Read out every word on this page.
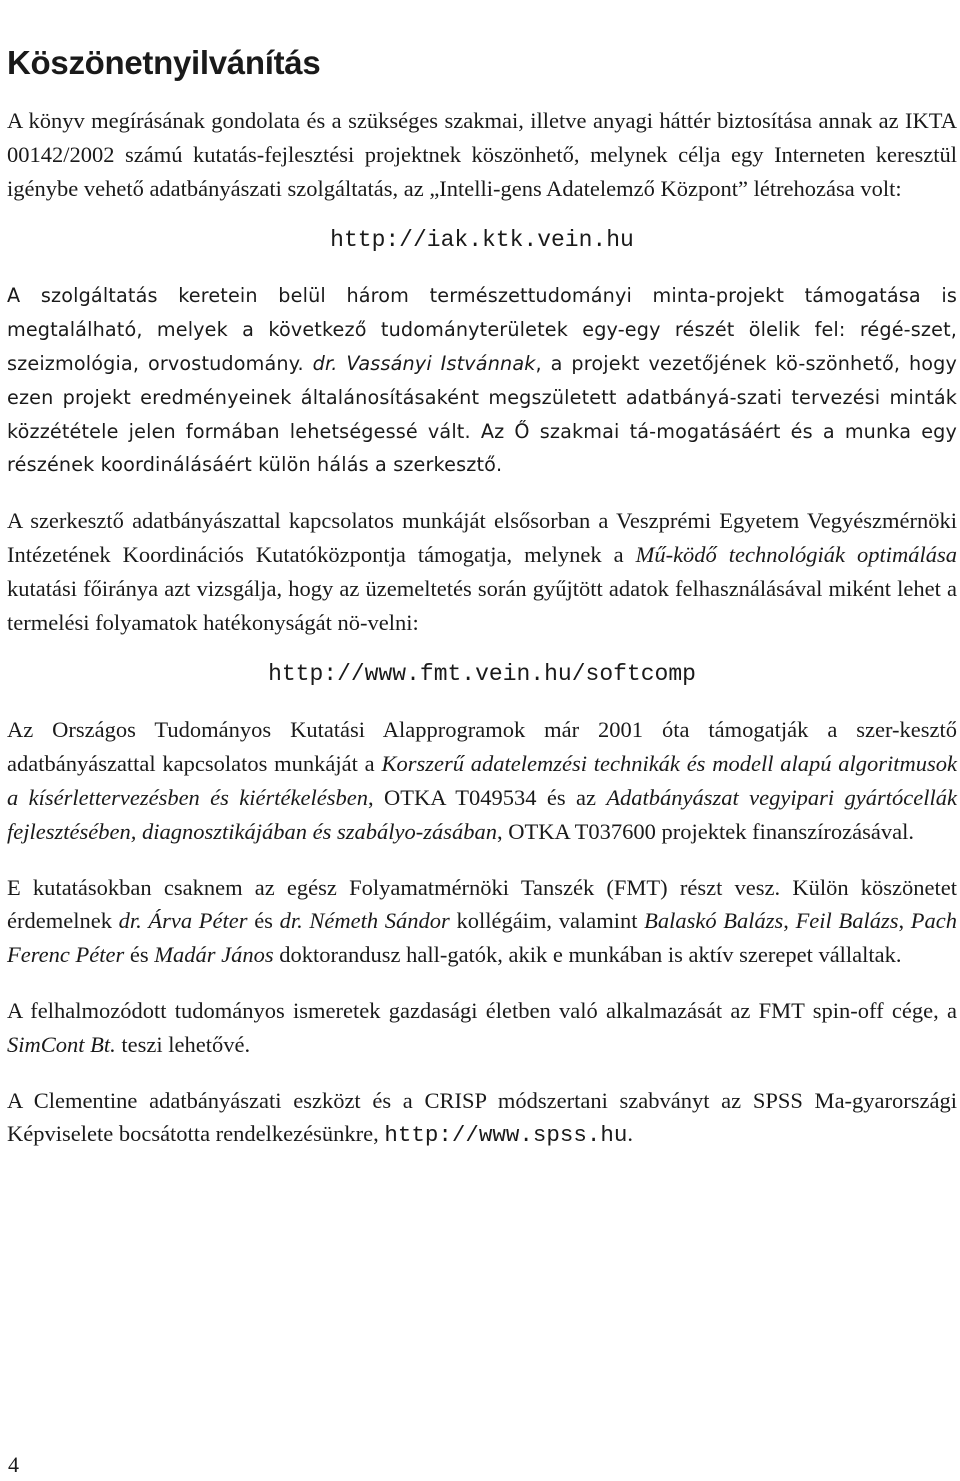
Köszönetnyilvánítás

A könyv megírásának gondolata és a szükséges szakmai, illetve anyagi háttér biztosítása annak az IKTA 00142/2002 számú kutatás-fejlesztési projektnek köszönhető, melynek célja egy Interneten keresztül igénybe vehető adatbányászati szolgáltatás, az „Intelli-gens Adatelemző Központ” létrehozása volt:

http://iak.ktk.vein.hu

A szolgáltatás keretein belül három természettudományi minta-projekt támogatása is megtalálható, melyek a következő tudományterületek egy-egy részét ölelik fel: régé-szet, szeizmológia, orvostudomány. dr. Vassányi Istvánnak, a projekt vezetőjének kö-szönhető, hogy ezen projekt eredményeinek általánosításaként megszületett adatbányá-szati tervezési minták közzététele jelen formában lehetségessé vált. Az Ő szakmai tá-mogatásáért és a munka egy részének koordinálásáért külön hálás a szerkesztő.

A szerkesztő adatbányászattal kapcsolatos munkáját elsősorban a Veszprémi Egyetem Vegyészmérnöki Intézetének Koordinációs Kutatóközpontja támogatja, melynek a Mű-ködő technológiák optimálása kutatási főiránya azt vizsgálja, hogy az üzemeltetés során gyűjtött adatok felhasználásával miként lehet a termelési folyamatok hatékonyságát nö-velni:

http://www.fmt.vein.hu/softcomp

Az Országos Tudományos Kutatási Alapprogramok már 2001 óta támogatják a szer-kesztő adatbányászattal kapcsolatos munkáját a Korszerű adatelemzési technikák és modell alapú algoritmusok a kísérlettervezésben és kiértékelésben, OTKA T049534 és az Adatbányászat vegyipari gyártócellák fejlesztésében, diagnosztikájában és szabályo-zásában, OTKA T037600 projektek finanszírozásával.

E kutatásokban csaknem az egész Folyamatmérnöki Tanszék (FMT) részt vesz. Külön köszönetet érdemelnek dr. Árva Péter és dr. Németh Sándor kollégáim, valamint Balaskó Balázs, Feil Balázs, Pach Ferenc Péter és Madár János doktorandusz hall-gatók, akik e munkában is aktív szerepet vállaltak.

A felhalmozódott tudományos ismeretek gazdasági életben való alkalmazását az FMT spin-off cége, a SimCont Bt. teszi lehetővé.

A Clementine adatbányászati eszközt és a CRISP módszertani szabványt az SPSS Ma-gyarországi Képviselete bocsátotta rendelkezésünkre, http://www.spss.hu.

4
